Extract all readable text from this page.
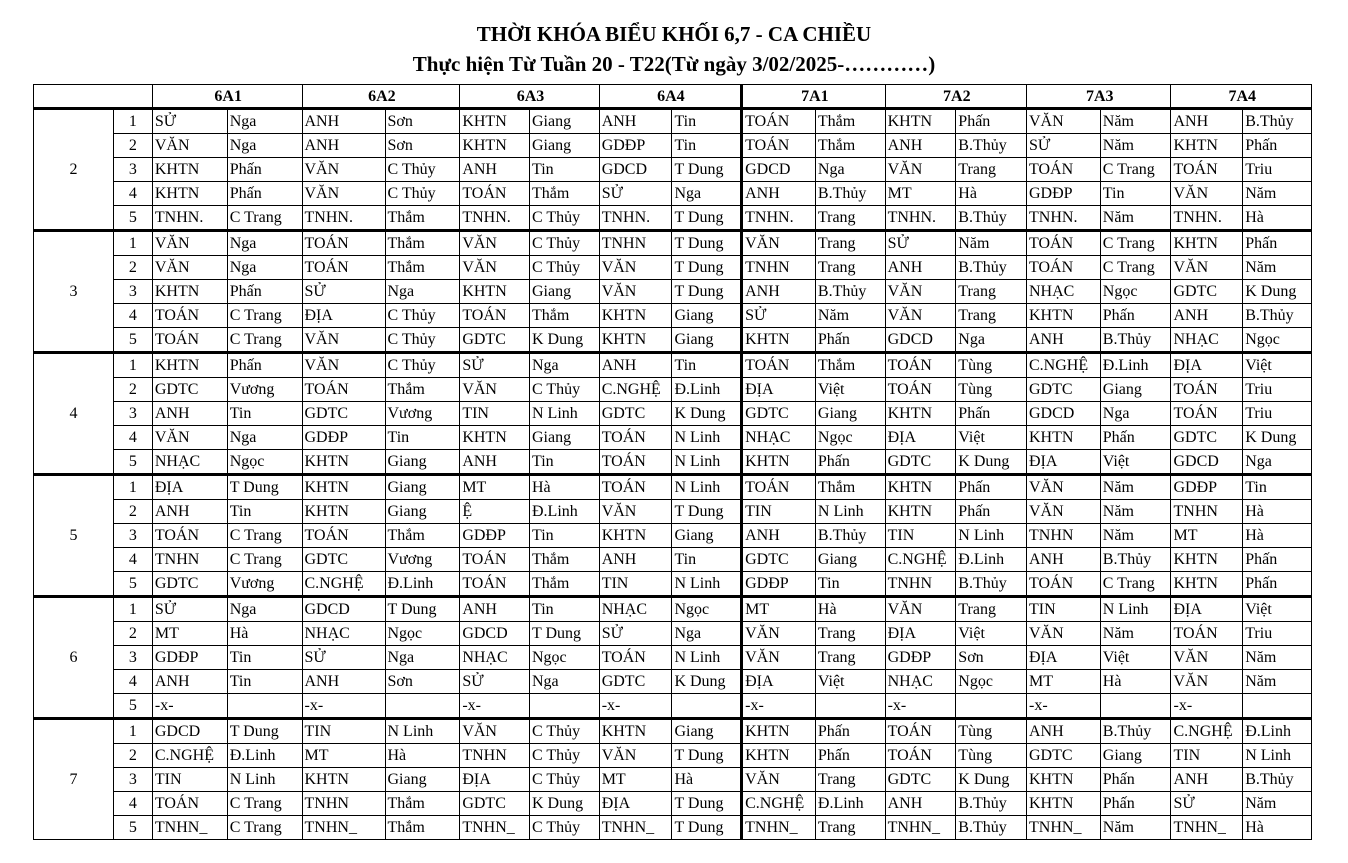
THỜI KHÓA BIỂU KHỐI 6,7 - CA CHIỀU
Thực hiện Từ Tuần 20 - T22(Từ ngày 3/02/2025-…………)
		6A1		6A2		6A3		6A4		7A1		7A2		7A3		7A4	
2	1	SỬ	Nga	ANH	Sơn	KHTN	Giang	ANH	Tin	TOÁN	Thắm	KHTN	Phấn	VĂN	Năm	ANH	B.Thủy
	2	VĂN	Nga	ANH	Sơn	KHTN	Giang	GDĐP	Tin	TOÁN	Thắm	ANH	B.Thủy	SỬ	Năm	KHTN	Phấn
	3	KHTN	Phấn	VĂN	C Thủy	ANH	Tin	GDCD	T Dung	GDCD	Nga	VĂN	Trang	TOÁN	C Trang	TOÁN	Triu
	4	KHTN	Phấn	VĂN	C Thủy	TOÁN	Thắm	SỬ	Nga	ANH	B.Thủy	MT	Hà	GDĐP	Tin	VĂN	Năm
	5	TNHN.	C Trang	TNHN.	Thắm	TNHN.	C Thủy	TNHN.	T Dung	TNHN.	Trang	TNHN.	B.Thủy	TNHN.	Năm	TNHN.	Hà
3	1	VĂN	Nga	TOÁN	Thắm	VĂN	C Thủy	TNHN	T Dung	VĂN	Trang	SỬ	Năm	TOÁN	C Trang	KHTN	Phấn
	2	VĂN	Nga	TOÁN	Thắm	VĂN	C Thủy	VĂN	T Dung	TNHN	Trang	ANH	B.Thủy	TOÁN	C Trang	VĂN	Năm
	3	KHTN	Phấn	SỬ	Nga	KHTN	Giang	VĂN	T Dung	ANH	B.Thủy	VĂN	Trang	NHẠC	Ngọc	GDTC	K Dung
	4	TOÁN	C Trang	ĐỊA	C Thủy	TOÁN	Thắm	KHTN	Giang	SỬ	Năm	VĂN	Trang	KHTN	Phấn	ANH	B.Thủy
	5	TOÁN	C Trang	VĂN	C Thủy	GDTC	K Dung	KHTN	Giang	KHTN	Phấn	GDCD	Nga	ANH	B.Thủy	NHẠC	Ngọc
4	1	KHTN	Phấn	VĂN	C Thủy	SỬ	Nga	ANH	Tin	TOÁN	Thắm	TOÁN	Tùng	C.NGHỆ	Đ.Linh	ĐỊA	Việt
	2	GDTC	Vương	TOÁN	Thắm	VĂN	C Thủy	C.NGHỆ	Đ.Linh	ĐỊA	Việt	TOÁN	Tùng	GDTC	Giang	TOÁN	Triu
	3	ANH	Tin	GDTC	Vương	TIN	N Linh	GDTC	K Dung	GDTC	Giang	KHTN	Phấn	GDCD	Nga	TOÁN	Triu
	4	VĂN	Nga	GDĐP	Tin	KHTN	Giang	TOÁN	N Linh	NHẠC	Ngọc	ĐỊA	Việt	KHTN	Phấn	GDTC	K Dung
	5	NHẠC	Ngọc	KHTN	Giang	ANH	Tin	TOÁN	N Linh	KHTN	Phấn	GDTC	K Dung	ĐỊA	Việt	GDCD	Nga
5	1	ĐỊA	T Dung	KHTN	Giang	MT	Hà	TOÁN	N Linh	TOÁN	Thắm	KHTN	Phấn	VĂN	Năm	GDĐP	Tin
	2	ANH	Tin	KHTN	Giang	Ệ	Đ.Linh	VĂN	T Dung	TIN	N Linh	KHTN	Phấn	VĂN	Năm	TNHN	Hà
	3	TOÁN	C Trang	TOÁN	Thắm	GDĐP	Tin	KHTN	Giang	ANH	B.Thủy	TIN	N Linh	TNHN	Năm	MT	Hà
	4	TNHN	C Trang	GDTC	Vương	TOÁN	Thắm	ANH	Tin	GDTC	Giang	C.NGHỆ	Đ.Linh	ANH	B.Thủy	KHTN	Phấn
	5	GDTC	Vương	C.NGHỆ	Đ.Linh	TOÁN	Thắm	TIN	N Linh	GDĐP	Tin	TNHN	B.Thủy	TOÁN	C Trang	KHTN	Phấn
6	1	SỬ	Nga	GDCD	T Dung	ANH	Tin	NHẠC	Ngọc	MT	Hà	VĂN	Trang	TIN	N Linh	ĐỊA	Việt
	2	MT	Hà	NHẠC	Ngọc	GDCD	T Dung	SỬ	Nga	VĂN	Trang	ĐỊA	Việt	VĂN	Năm	TOÁN	Triu
	3	GDĐP	Tin	SỬ	Nga	NHẠC	Ngọc	TOÁN	N Linh	VĂN	Trang	GDĐP	Sơn	ĐỊA	Việt	VĂN	Năm
	4	ANH	Tin	ANH	Sơn	SỬ	Nga	GDTC	K Dung	ĐỊA	Việt	NHẠC	Ngọc	MT	Hà	VĂN	Năm
	5	-x-		-x-		-x-		-x-		-x-		-x-		-x-		-x-	
7	1	GDCD	T Dung	TIN	N Linh	VĂN	C Thủy	KHTN	Giang	KHTN	Phấn	TOÁN	Tùng	ANH	B.Thủy	C.NGHỆ	Đ.Linh
	2	C.NGHỆ	Đ.Linh	MT	Hà	TNHN	C Thủy	VĂN	T Dung	KHTN	Phấn	TOÁN	Tùng	GDTC	Giang	TIN	N Linh
	3	TIN	N Linh	KHTN	Giang	ĐỊA	C Thủy	MT	Hà	VĂN	Trang	GDTC	K Dung	KHTN	Phấn	ANH	B.Thủy
	4	TOÁN	C Trang	TNHN	Thắm	GDTC	K Dung	ĐỊA	T Dung	C.NGHỆ	Đ.Linh	ANH	B.Thủy	KHTN	Phấn	SỬ	Năm
	5	TNHN_	C Trang	TNHN_	Thắm	TNHN_	C Thủy	TNHN_	T Dung	TNHN_	Trang	TNHN_	B.Thủy	TNHN_	Năm	TNHN_	Hà
